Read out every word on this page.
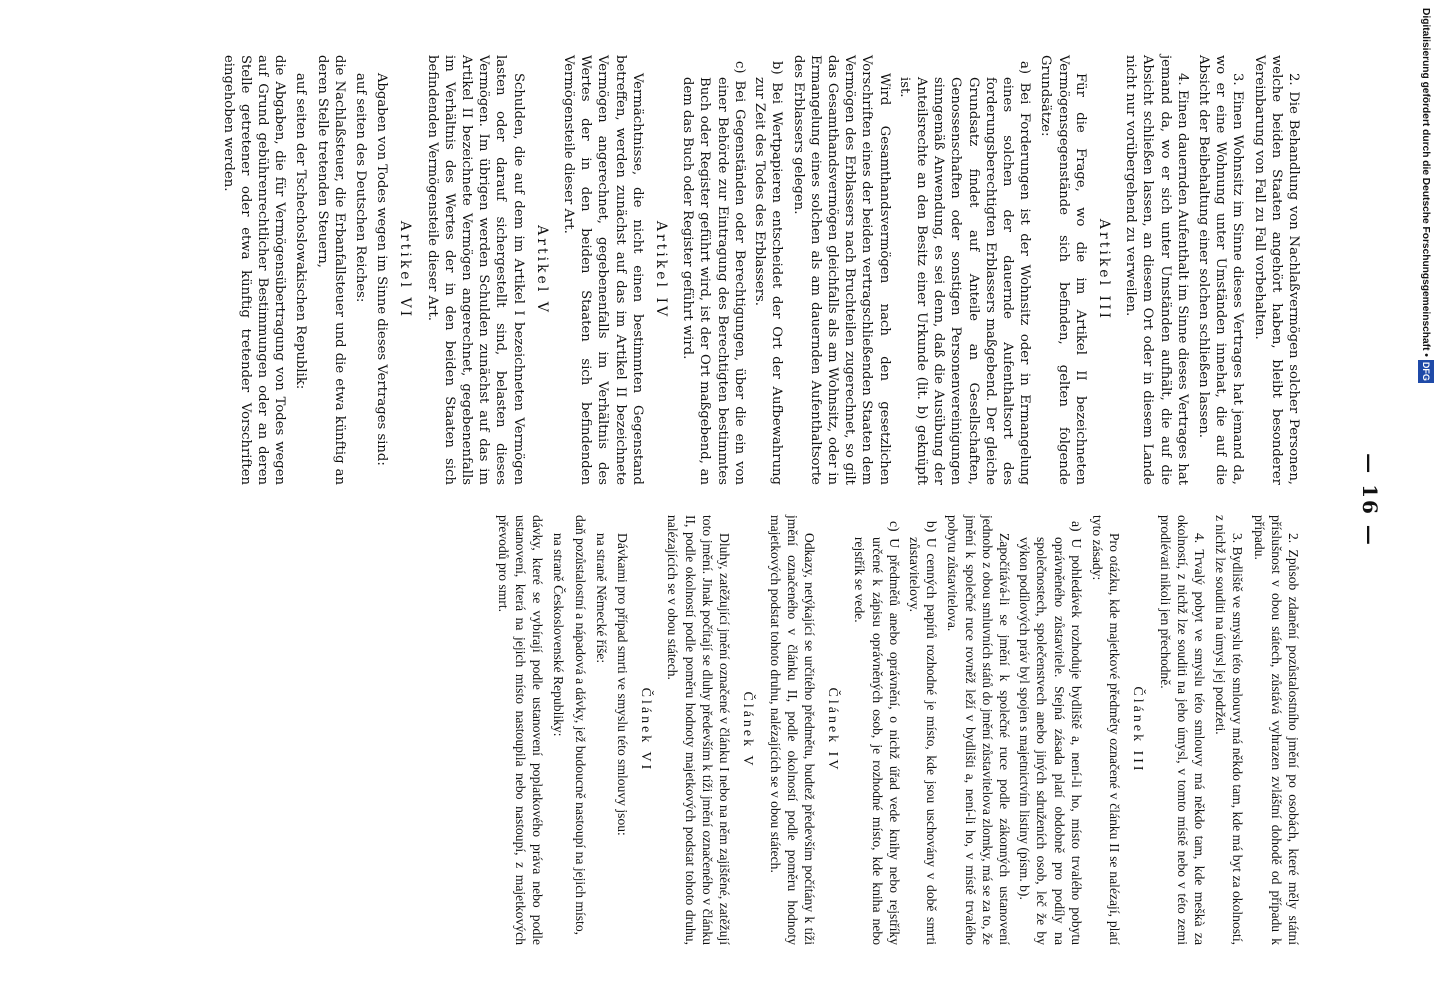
— 16 —

2. Die Behandlung von Nachlaßvermögen solcher Personen, welche beiden Staaten angehört haben, bleibt besonderer Vereinbarung von Fall zu Fall vorbehalten.

3. Einen Wohnsitz im Sinne dieses Vertrages hat jemand da, wo er eine Wohnung unter Umständen innehat, die auf die Absicht der Beibehaltung einer solchen schließen lassen.

4. Einen dauernden Aufenthalt im Sinne dieses Vertrages hat jemand da, wo er sich unter Umständen aufhält, die auf die Absicht schließen lassen, an diesem Ort oder in diesem Lande nicht nur vorübergehend zu verweilen.

Artikel III

Für die Frage, wo die im Artikel II bezeichneten Vermögensgegenstände sich befinden, gelten folgende Grundsätze:

a) Bei Forderungen ist der Wohnsitz oder in Ermangelung eines solchen der dauernde Aufenthaltsort des forderungsberechtigten Erblassers maßgebend. Der gleiche Grundsatz findet auf Anteile an Gesellschaften, Genossenschaften oder sonstigen Personenvereinigungen sinngemäß Anwendung, es sei denn, daß die Ausübung der Anteilsrechte an den Besitz einer Urkunde (lit. b) geknüpft ist.

Wird Gesamthandsvermögen nach den gesetzlichen Vorschriften eines der beiden vertragschließenden Staaten dem Vermögen des Erblassers nach Bruchteilen zugerechnet, so gilt das Gesamthandsvermögen gleichfalls als am Wohnsitz, oder in Ermangelung eines solchen als am dauernden Aufenthaltsorte des Erblassers gelegen.

b) Bei Wertpapieren entscheidet der Ort der Aufbewahrung zur Zeit des Todes des Erblassers.

c) Bei Gegenständen oder Berechtigungen, über die ein von einer Behörde zur Eintragung des Berechtigten bestimmtes Buch oder Register geführt wird, ist der Ort maßgebend, an dem das Buch oder Register geführt wird.

Artikel IV

Vermächtnisse, die nicht einen bestimmten Gegenstand betreffen, werden zunächst auf das im Artikel II bezeichnete Vermögen angerechnet, gegebenenfalls im Verhältnis des Wertes der in den beiden Staaten sich befindenden Vermögensteile dieser Art.

Artikel V

Schulden, die auf dem im Artikel I bezeichneten Vermögen lasten oder darauf sichergestellt sind, belasten dieses Vermögen. Im übrigen werden Schulden zunächst auf das im Artikel II bezeichnete Vermögen angerechnet, gegebenenfalls im Verhältnis des Wertes der in den beiden Staaten sich befindenden Vermögensteile dieser Art.

Artikel VI

Abgaben von Todes wegen im Sinne dieses Vertrages sind:

auf seiten des Deutschen Reiches:

die Nachlaßsteuer, die Erbanfallsteuer und die etwa künftig an deren Stelle tretenden Steuern,

auf seiten der Tschechoslowakischen Republik:

die Abgaben, die für Vermögensübertragung von Todes wegen auf Grund gebührenrechtlicher Bestimmungen oder an deren Stelle getretener oder etwa künftig tretender Vorschriften eingehoben werden.

2. Způsob zdanění pozůstalostního jmění po osobách, které měly státní příslušnost v obou státech, zůstává vyhrazen zvláštní dohodě od případu k případu.

3. Bydliště ve smyslu této smlouvy má někdo tam, kde má byt za okolností, z nichž lze souditi na úmysl jej podržeti.

4. Trvalý pobyt ve smyslu této smlouvy má někdo tam, kde meškà za okolností, z nichž lze souditi na jeho úmysl, v tomto místě nebo v této zemi prodlévati nikoli jen přechodně.

Článek III

Pro otázku, kde majetkové předměty označené v článku II se nalézají, platí tyto zásady:

a) U pohledávek rozhoduje bydliště a, není-li ho, místo trvalého pobytu oprávněného zůstavitele. Stejná zásada platí obdobně pro podíly na společnostech, společenstvech anebo jiných sdruženích osob, leč že by výkon podílových práv byl spojen s majetnictvím listiny (písm. b).

Započítává-li se jmění k společné ruce podle zákonných ustanovení jednoho z obou smluvních států do jmění zůstavitelova zlomky, má se za to, že jmění k společné ruce rovněž leží v bydlišti a, není-li ho, v místě trvalého pobytu zůstavitelova.

b) U cenných papírů rozhodné je místo, kde jsou uschovány v době smrti zůstavitelovy.

c) U předmětů anebo oprávnění, o nichž úřad vede knihy nebo rejstříky určené k zápisu oprávněných osob, je rozhodné místo, kde kniha nebo rejstřík se vede.

Článek IV

Odkazy, netýkající se určitého předmětu, budtež především počítány k tíži jmění označeného v článku II, podle okolností podle poměru hodnoty majetkových podstat tohoto druhu, nalézajících se v obou státech.

Článek V

Dluhy, zatěžující jmění označené v článku I nebo na něm zajištěné, zatěžují toto jmění. Jinak počítají se dluhy především k tíži jmění označeného v článku II, podle okolností podle poměru hodnoty majetkových podstat tohoto druhu, nalézajících se v obou státech.

Článek VI

Dávkami pro případ smrti ve smyslu této smlouvy jsou:

na straně Německé říše:

daň pozůstalostní a nápadová a dávky, jež budoucně nastoupí na jejich místo,

na straně Československé Republiky:

dávky, které se vybírají podle ustanovení poplatkového práva nebo podle ustanovení, která na jejich místo nastoupila nebo nastoupí, z majetkových převodů pro smrt.

Digitalisierung gefördert durch die Deutsche Forschungsgemeinschaft •DFG
